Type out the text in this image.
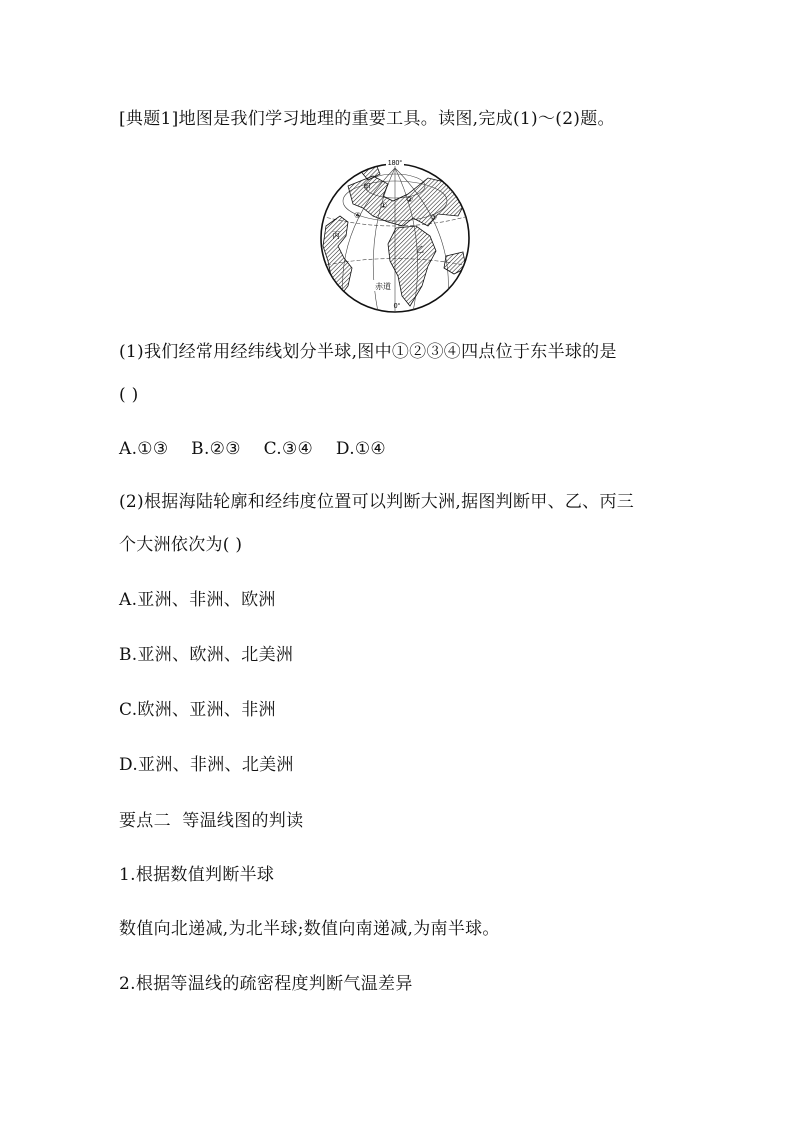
[典题1]地图是我们学习地理的重要工具。读图,完成(1)～(2)题。
180°
0°
赤道
甲
乙
丙
①
②
③
④
(1)我们经常用经纬线划分半球,图中①②③④四点位于东半球的是
( )
A.①③    B.②③    C.③④    D.①④
(2)根据海陆轮廓和经纬度位置可以判断大洲,据图判断甲、乙、丙三
个大洲依次为( )
A.亚洲、非洲、欧洲
B.亚洲、欧洲、北美洲
C.欧洲、亚洲、非洲
D.亚洲、非洲、北美洲
要点二  等温线图的判读
1.根据数值判断半球
数值向北递减,为北半球;数值向南递减,为南半球。
2.根据等温线的疏密程度判断气温差异
